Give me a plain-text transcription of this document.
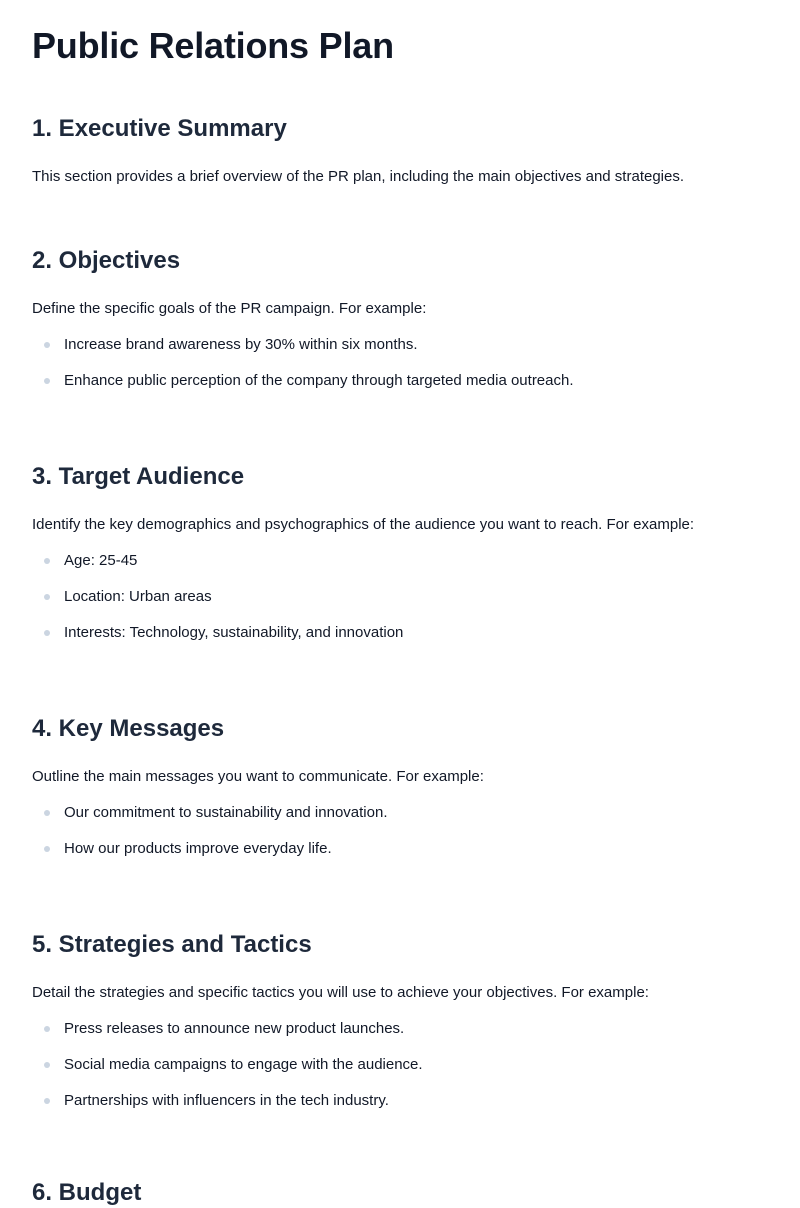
Public Relations Plan
1. Executive Summary

This section provides a brief overview of the PR plan, including the main objectives and strategies.

2. Objectives

Define the specific goals of the PR campaign. For example:

Increase brand awareness by 30% within six months.
Enhance public perception of the company through targeted media outreach.
3. Target Audience

Identify the key demographics and psychographics of the audience you want to reach. For example:

Age: 25-45
Location: Urban areas
Interests: Technology, sustainability, and innovation
4. Key Messages

Outline the main messages you want to communicate. For example:

Our commitment to sustainability and innovation.
How our products improve everyday life.
5. Strategies and Tactics

Detail the strategies and specific tactics you will use to achieve your objectives. For example:

Press releases to announce new product launches.
Social media campaigns to engage with the audience.
Partnerships with influencers in the tech industry.
6. Budget
